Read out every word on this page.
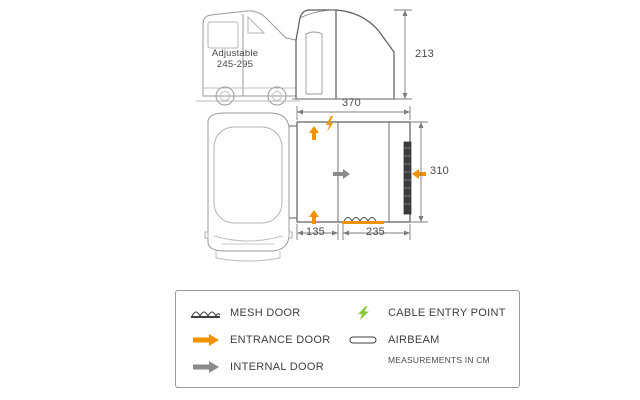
Adjustable
245-295
213
370
310
135	235
MESH DOOR
ENTRANCE DOOR
INTERNAL DOOR
CABLE ENTRY POINT
AIRBEAM
MEASUREMENTS IN CM
